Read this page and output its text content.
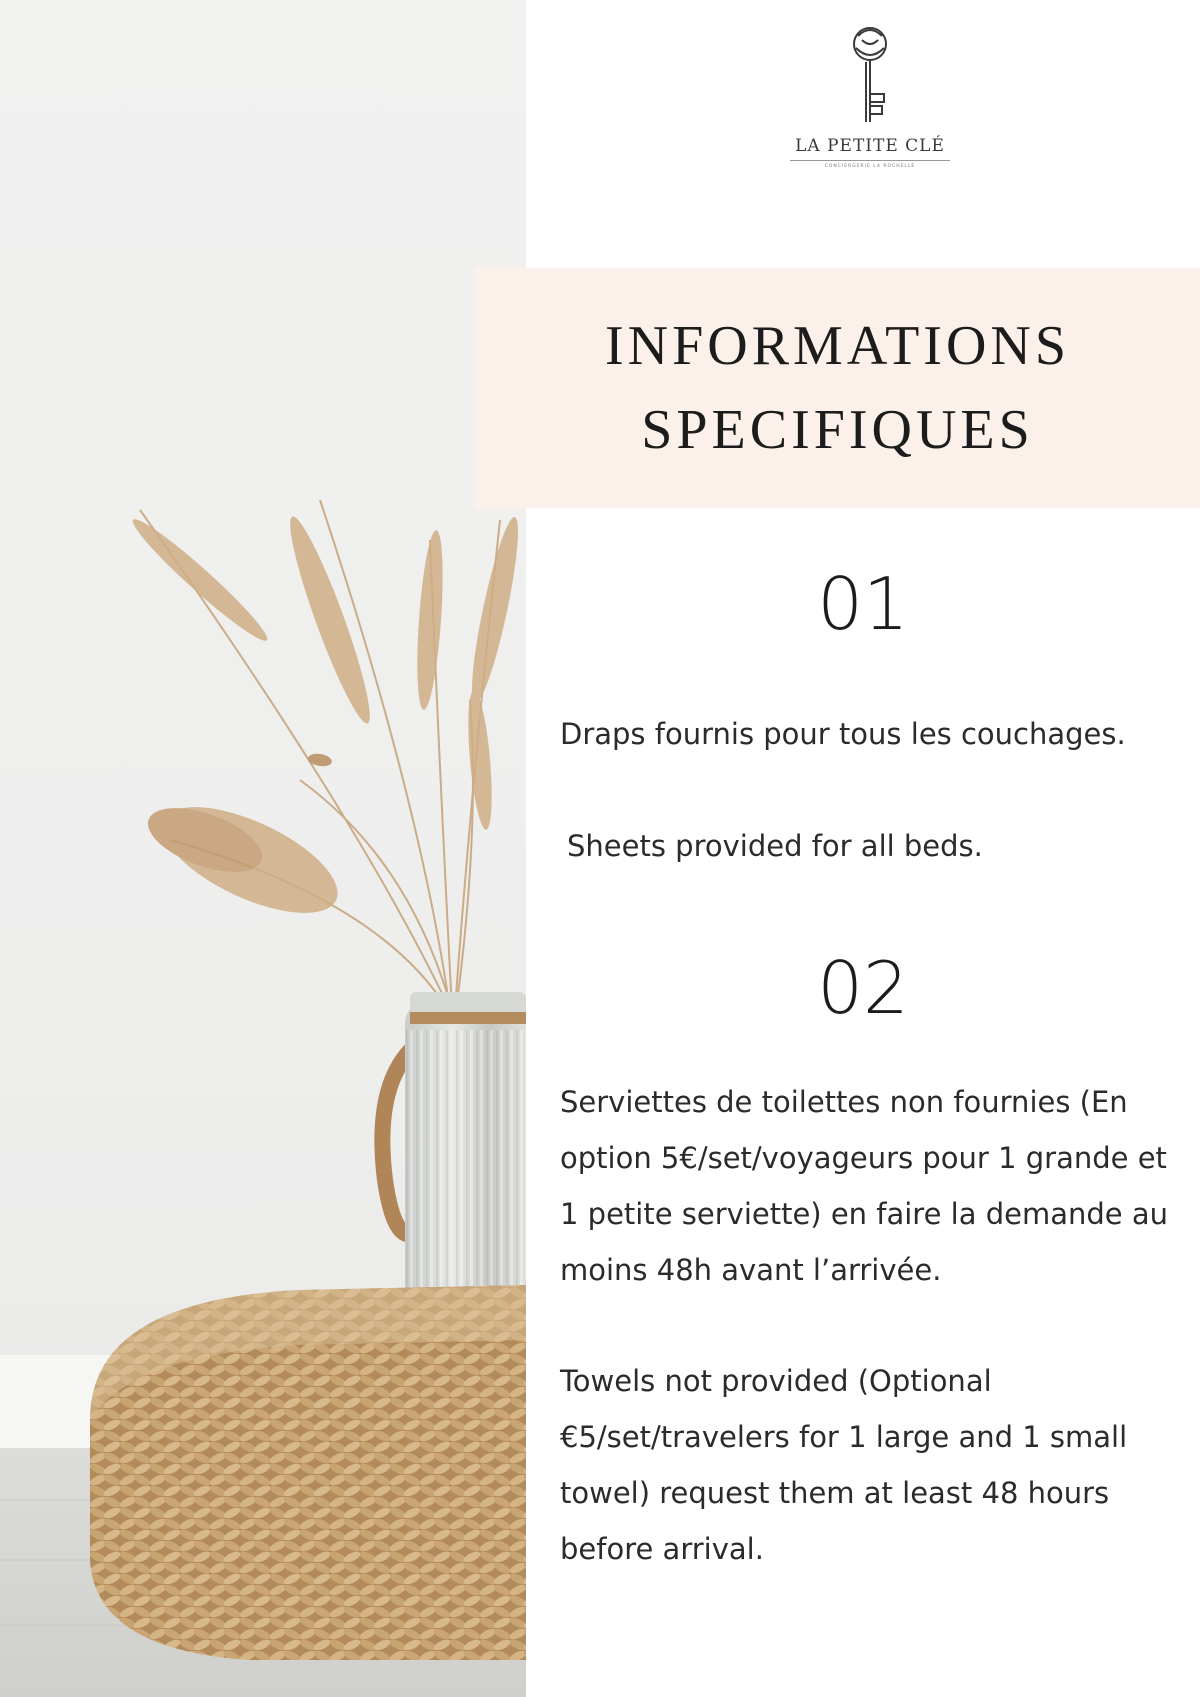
LA PETITE CLÉ
CONCIERGERIE LA ROCHELLE
INFORMATIONS
SPECIFIQUES
01
Draps fournis pour tous les couchages.
Sheets provided for all beds.
02
Serviettes de toilettes non fournies (En option 5€/set/voyageurs pour 1 grande et 1 petite serviette) en faire la demande au moins 48h avant l’arrivée.
Towels not provided (Optional €5/set/travelers for 1 large and 1 small towel) request them at least 48 hours before arrival.
